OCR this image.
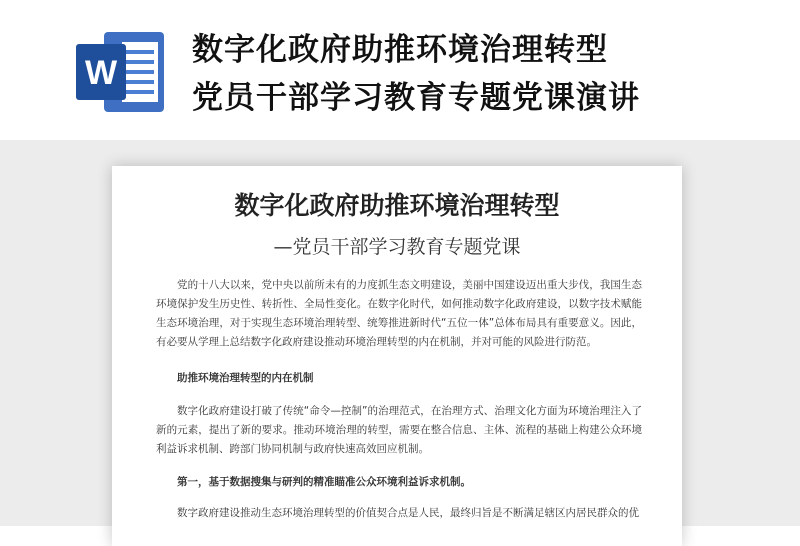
W
数字化政府助推环境治理转型
党员干部学习教育专题党课演讲
数字化政府助推环境治理转型

—党员干部学习教育专题党课

党的十八大以来，党中央以前所未有的力度抓生态文明建设，美丽中国建设迈出重大步伐，我国生态环境保护发生历史性、转折性、全局性变化。在数字化时代，如何推动数字化政府建设，以数字技术赋能生态环境治理，对于实现生态环境治理转型、统筹推进新时代“五位一体”总体布局具有重要意义。因此，有必要从学理上总结数字化政府建设推动环境治理转型的内在机制，并对可能的风险进行防范。

助推环境治理转型的内在机制

数字化政府建设打破了传统“命令—控制”的治理范式，在治理方式、治理文化方面为环境治理注入了新的元素，提出了新的要求。推动环境治理的转型，需要在整合信息、主体、流程的基础上构建公众环境利益诉求机制、跨部门协同机制与政府快速高效回应机制。

第一，基于数据搜集与研判的精准瞄准公众环境利益诉求机制。

数字政府建设推动生态环境治理转型的价值契合点是人民，最终归旨是不断满足辖区内居民群众的优
